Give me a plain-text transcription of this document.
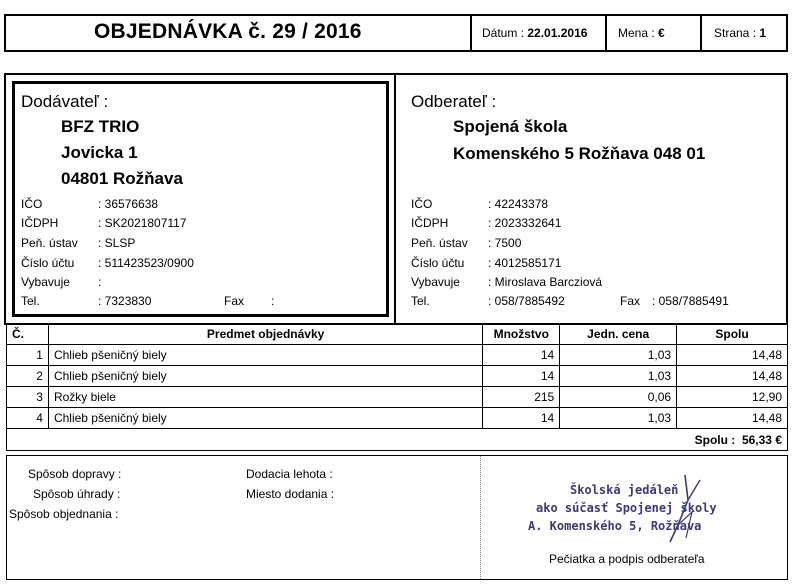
OBJEDNÁVKA č. 29 / 2016	Dátum : 22.01.2016	Mena : €	Strana : 1
Dodávateľ :
BFZ TRIO
Jovicka 1
04801 Rožňava
IČO	: 36576638
IČDPH	: SK2021807117
Peň. ústav : SLSP
Číslo účtu : 511423523/0900
Vybavuje :
Tel.	: 7323830	Fax :
Odberateľ :
Spojená škola
Komenského 5 Rožňava 048 01
IČO	: 42243378
IČDPH	: 2023332641
Peň. ústav : 7500
Číslo účtu : 4012585171
Vybavuje : Miroslava Barcziová
Tel.	: 058/7885492	Fax : 058/7885491
Č.	Predmet objednávky	Množstvo	Jedn. cena	Spolu
1	Chlieb pšeničný biely	14	1,03	14,48
2	Chlieb pšeničný biely	14	1,03	14,48
3	Rožky biele	215	0,06	12,90
4	Chlieb pšeničný biely	14	1,03	14,48
Spolu : 56,33 €				
Spôsob dopravy :
Spôsob úhrady :
Spôsob objednania :
Dodacia lehota :
Miesto dodania :	Školská jedáleň
ako súčasť Spojenej školy
A. Komenského 5, Rožňava
Pečiatka a podpis odberateľa
